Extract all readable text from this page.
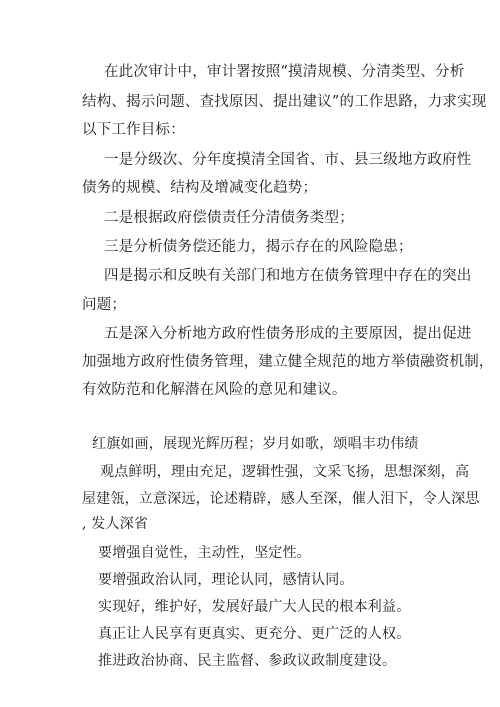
在此次审计中，审计署按照“摸清规模、分清类型、分析
结构、揭示问题、查找原因、提出建议”的工作思路，力求实现
以下工作目标：
一是分级次、分年度摸清全国省、市、县三级地方政府性
债务的规模、结构及增减变化趋势；
二是根据政府偿债责任分清债务类型；
三是分析债务偿还能力，揭示存在的风险隐患；
四是揭示和反映有关部门和地方在债务管理中存在的突出
问题；
五是深入分析地方政府性债务形成的主要原因，提出促进
加强地方政府性债务管理，建立健全规范的地方举债融资机制，
有效防范和化解潜在风险的意见和建议。
红旗如画，展现光辉历程；岁月如歌，颂唱丰功伟绩
观点鲜明，理由充足，逻辑性强，文采飞扬，思想深刻，高
屋建瓴，立意深远，论述精辟，感人至深，催人泪下，令人深思
, 发人深省
要增强自觉性，主动性，坚定性。
要增强政治认同，理论认同，感情认同。
实现好，维护好，发展好最广大人民的根本利益。
真正让人民享有更真实、更充分、更广泛的人权。
推进政治协商、民主监督、参政议政制度建设。
